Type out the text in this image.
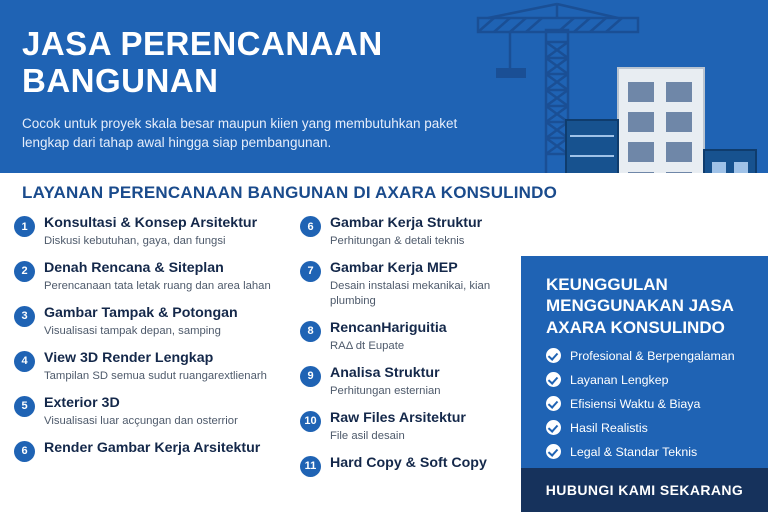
JASA PERENCANAAN BANGUNAN
Cocok untuk proyek skala besar maupun kiien yang membutuhkan paket lengkap dari tahap awal hingga siap pembangunan.
LAYANAN PERENCANAAN BANGUNAN DI AXARA KONSULINDO
1	Konsultasi & Konsep Arsitektur
Diskusi kebutuhan, gaya, dan fungsi
2	Denah Rencana & Siteplan
Perencanaan tata letak ruang dan area lahan
3	Gambar Tampak & Potongan
Visualisasi tampak depan, samping
4	View 3D Render Lengkap
Tampilan SD semua sudut ruangarextlienarh
5	Exterior 3D
Visualisasi luar acçungan dan osterrior
6	Render Gambar Kerja Arsitektur
6	Gambar Kerja Struktur
Perhitungan & detali teknis
7	Gambar Kerja MEP
Desain instalasi mekanikai, kian plumbing
8	RencanHariguitia
RAΔ dt Eupate
9	Analisa Struktur
Perhitungan esternian
10 Raw Files Arsitektur
File asil desain
11 Hard Copy & Soft Copy
KEUNGGULAN MENGGUNAKAN JASA AXARA KONSULINDO
Profesional & Berpengalaman
Layanan Lengkep
Efisiensi Waktu & Biaya
Hasil Realistis
Legal & Standar Teknis
HUBUNGI KAMI SEKARANG
